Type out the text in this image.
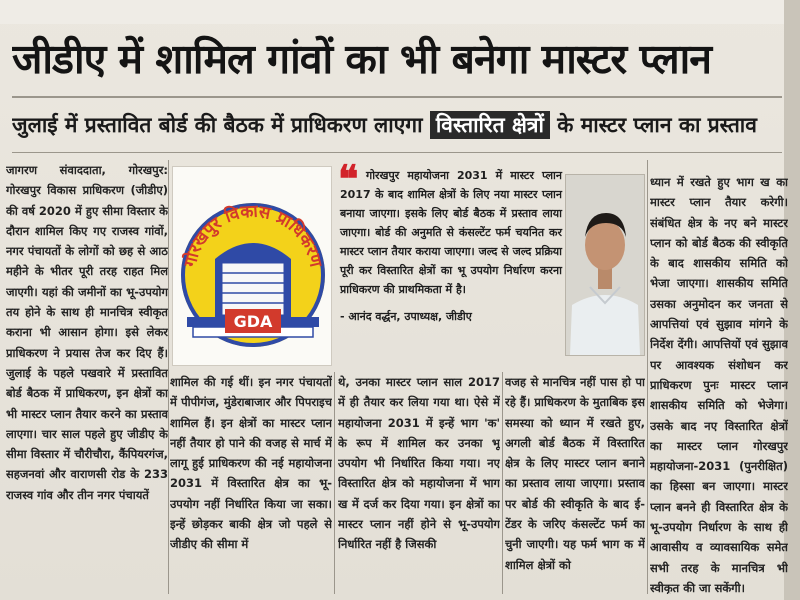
जीडीए में शामिल गांवों का भी बनेगा मास्टर प्लान
जुलाई में प्रस्तावित बोर्ड की बैठक में प्राधिकरण लाएगा विस्तारित क्षेत्रों के मास्टर प्लान का प्रस्ताव

जागरण संवाददाता, गोरखपुर: गोरखपुर विकास प्राधिकरण (जीडीए) की वर्ष 2020 में हुए सीमा विस्तार के दौरान शामिल किए गए राजस्व गांवों, नगर पंचायतों के लोगों को छह से आठ महीने के भीतर पूरी तरह राहत मिल जाएगी। यहां की जमीनों का भू-उपयोग तय होने के साथ ही मानचित्र स्वीकृत कराना भी आसान होगा। इसे लेकर प्राधिकरण ने प्रयास तेज कर दिए हैं। जुलाई के पहले पखवारे में प्रस्तावित बोर्ड बैठक में प्राधिकरण, इन क्षेत्रों का भी मास्टर प्लान तैयार करने का प्रस्ताव लाएगा। चार साल पहले हुए जीडीए के सीमा विस्तार में चौरीचौरा, कैंपियरगंज, सहजनवां और वाराणसी रोड के 233 राजस्व गांव और तीन नगर पंचायतें

गोरखपुर विकास प्राधिकरण
GDA
❝ गोरखपुर महायोजना 2031 में मास्टर प्लान 2017 के बाद शामिल क्षेत्रों के लिए नया मास्टर प्लान बनाया जाएगा। इसके लिए बोर्ड बैठक में प्रस्ताव लाया जाएगा। बोर्ड की अनुमति से कंसल्टेंट फर्म चयनित कर मास्टर प्लान तैयार कराया जाएगा। जल्द से जल्द प्रक्रिया पूरी कर विस्तारित क्षेत्रों का भू उपयोग निर्धारण करना प्राधिकरण की प्राथमिकता में है।
- आनंद वर्द्धन, उपाध्यक्ष, जीडीए

शामिल की गई थीं। इन नगर पंचायतों में पीपीगंज, मुंडेराबाजार और पिपराइच शामिल हैं। इन क्षेत्रों का मास्टर प्लान नहीं तैयार हो पाने की वजह से मार्च में लागू हुई प्राधिकरण की नई महायोजना 2031 में विस्तारित क्षेत्र का भू-उपयोग नहीं निर्धारित किया जा सका। इन्हें छोड़कर बाकी क्षेत्र जो पहले से जीडीए की सीमा में

थे, उनका मास्टर प्लान साल 2017 में ही तैयार कर लिया गया था। ऐसे में महायोजना 2031 में इन्हें भाग 'क' के रूप में शामिल कर उनका भू उपयोग भी निर्धारित किया गया। नए विस्तारित क्षेत्र को महायोजना में भाग ख में दर्ज कर दिया गया। इन क्षेत्रों का मास्टर प्लान नहीं होने से भू-उपयोग निर्धारित नहीं है जिसकी

वजह से मानचित्र नहीं पास हो पा रहे हैं। प्राधिकरण के मुताबिक इस समस्या को ध्यान में रखते हुए, अगली बोर्ड बैठक में विस्तारित क्षेत्र के लिए मास्टर प्लान बनाने का प्रस्ताव लाया जाएगा। प्रस्ताव पर बोर्ड की स्वीकृति के बाद ई-टेंडर के जरिए कंसल्टेंट फर्म का चुनी जाएगी। यह फर्म भाग क में शामिल क्षेत्रों को

ध्यान में रखते हुए भाग ख का मास्टर प्लान तैयार करेगी। संबंधित क्षेत्र के नए बने मास्टर प्लान को बोर्ड बैठक की स्वीकृति के बाद शासकीय समिति को भेजा जाएगा। शासकीय समिति उसका अनुमोदन कर जनता से आपत्तियां एवं सुझाव मांगने के निर्देश देंगी। आपत्तियों एवं सुझाव पर आवश्यक संशोधन कर प्राधिकरण पुनः मास्टर प्लान शासकीय समिति को भेजेगा। उसके बाद नए विस्तारित क्षेत्रों का मास्टर प्लान गोरखपुर महायोजना-2031 (पुनरीक्षित) का हिस्सा बन जाएगा। मास्टर प्लान बनने ही विस्तारित क्षेत्र के भू-उपयोग निर्धारण के साथ ही आवासीय व व्यावसायिक समेत सभी तरह के मानचित्र भी स्वीकृत की जा सकेंगी।
